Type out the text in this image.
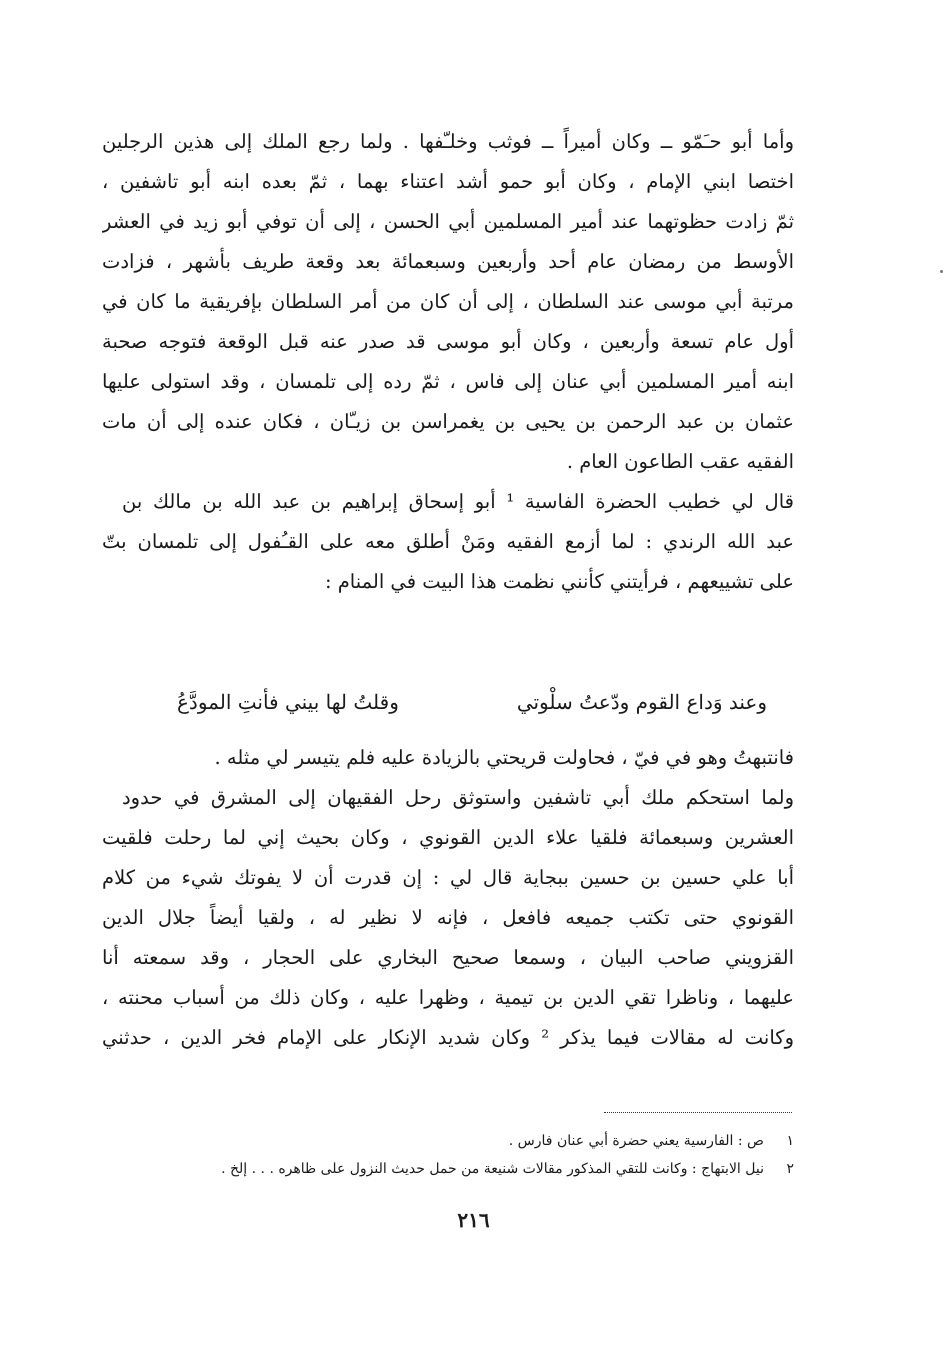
وأما أبو حـَمّو ــ وكان أميراً ــ فوثب وخلـّفها . ولما رجع الملك إلى هذين الرجلين
اختصا ابني الإمام ، وكان أبو حمو أشد اعتناء بهما ، ثمّ بعده ابنه أبو تاشفين ،
ثمّ زادت حظوتهما عند أمير المسلمين أبي الحسن ، إلى أن توفي أبو زيد في العشر
الأوسط من رمضان عام أحد وأربعين وسبعمائة بعد وقعة طريف بأشهر ، فزادت
مرتبة أبي موسى عند السلطان ، إلى أن كان من أمر السلطان بإفريقية ما كان في
أول عام تسعة وأربعين ، وكان أبو موسى قد صدر عنه قبل الوقعة فتوجه صحبة
ابنه أمير المسلمين أبي عنان إلى فاس ، ثمّ رده إلى تلمسان ، وقد استولى عليها
عثمان بن عبد الرحمن بن يحيى بن يغمراسن بن زيـّان ، فكان عنده إلى أن مات
الفقيه عقب الطاعون العام .
قال لي خطيب الحضرة الفاسية ¹ أبو إسحاق إبراهيم بن عبد الله بن مالك بن
عبد الله الرندي : لما أزمع الفقيه ومَنْ أطلق معه على القـُفول إلى تلمسان بتّ
على تشييعهم ، فرأيتني كأنني نظمت هذا البيت في المنام :
وعند وَداع القوم ودّعتُ سلْوتي
وقلتُ لها بيني فأنتِ المودَّعُ
فانتبهتُ وهو في فيّ ، فحاولت قريحتي بالزيادة عليه فلم يتيسر لي مثله .
ولما استحكم ملك أبي تاشفين واستوثق رحل الفقيهان إلى المشرق في حدود
العشرين وسبعمائة فلقيا علاء الدين القونوي ، وكان بحيث إني لما رحلت فلقيت
أبا علي حسين بن حسين ببجاية قال لي : إن قدرت أن لا يفوتك شيء من كلام
القونوي حتى تكتب جميعه فافعل ، فإنه لا نظير له ، ولقيا أيضاً جلال الدين
القزويني صاحب البيان ، وسمعا صحيح البخاري على الحجار ، وقد سمعته أنا
عليهما ، وناظرا تقي الدين بن تيمية ، وظهرا عليه ، وكان ذلك من أسباب محنته ،
وكانت له مقالات فيما يذكر ² وكان شديد الإنكار على الإمام فخر الدين ، حدثني
١ص : الفارسية يعني حضرة أبي عنان فارس .
٢نيل الابتهاج : وكانت للتقي المذكور مقالات شنيعة من حمل حديث النزول على ظاهره . . . إلخ .
٢١٦
